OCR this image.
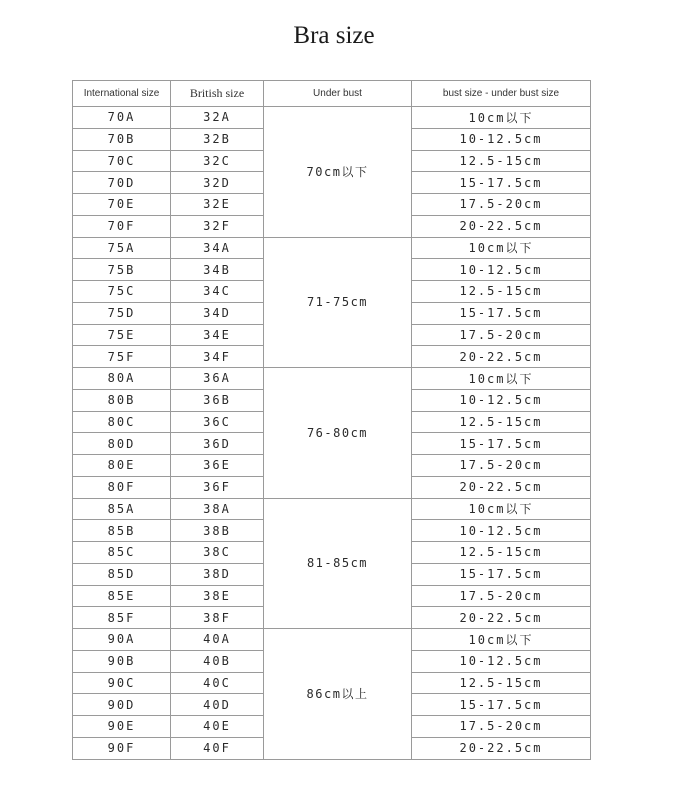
Bra size
International size	British size	Under bust	bust size - under bust size
70A	32A	70cm以下	10cm以下
70B	32B		10-12.5cm
70C	32C		12.5-15cm
70D	32D		15-17.5cm
70E	32E		17.5-20cm
70F	32F		20-22.5cm
75A	34A	71-75cm	10cm以下
75B	34B		10-12.5cm
75C	34C		12.5-15cm
75D	34D		15-17.5cm
75E	34E		17.5-20cm
75F	34F		20-22.5cm
80A	36A	76-80cm	10cm以下
80B	36B		10-12.5cm
80C	36C		12.5-15cm
80D	36D		15-17.5cm
80E	36E		17.5-20cm
80F	36F		20-22.5cm
85A	38A	81-85cm	10cm以下
85B	38B		10-12.5cm
85C	38C		12.5-15cm
85D	38D		15-17.5cm
85E	38E		17.5-20cm
85F	38F		20-22.5cm
90A	40A	86cm以上	10cm以下
90B	40B		10-12.5cm
90C	40C		12.5-15cm
90D	40D		15-17.5cm
90E	40E		17.5-20cm
90F	40F		20-22.5cm
